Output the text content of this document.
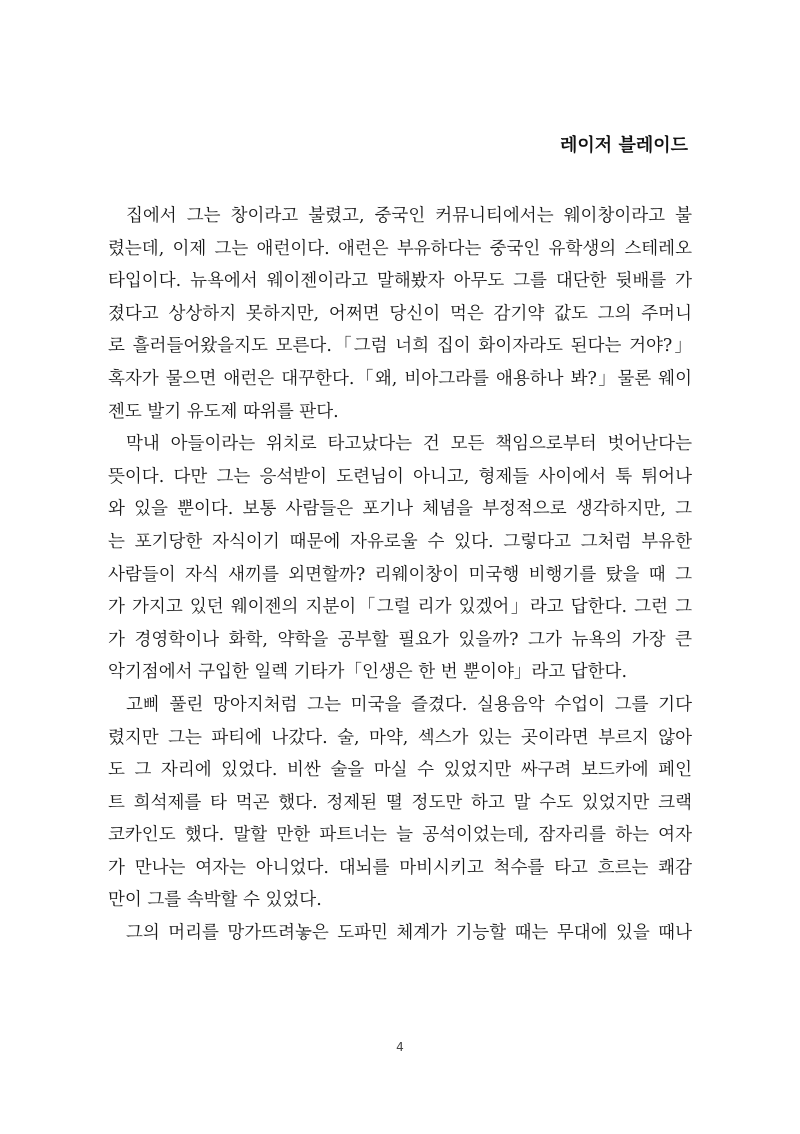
레이저 블레이드
집에서 그는 창이라고 불렸고, 중국인 커뮤니티에서는 웨이창이라고 불
렸는데, 이제 그는 애런이다. 애런은 부유하다는 중국인 유학생의 스테레오
타입이다. 뉴욕에서 웨이젠이라고 말해봤자 아무도 그를 대단한 뒷배를 가
졌다고 상상하지 못하지만, 어쩌면 당신이 먹은 감기약 값도 그의 주머니
로 흘러들어왔을지도 모른다.「그럼 너희 집이 화이자라도 된다는 거야?」
혹자가 물으면 애런은 대꾸한다.「왜, 비아그라를 애용하나 봐?」물론 웨이
젠도 발기 유도제 따위를 판다.
막내 아들이라는 위치로 타고났다는 건 모든 책임으로부터 벗어난다는
뜻이다. 다만 그는 응석받이 도련님이 아니고, 형제들 사이에서 툭 튀어나
와 있을 뿐이다. 보통 사람들은 포기나 체념을 부정적으로 생각하지만, 그
는 포기당한 자식이기 때문에 자유로울 수 있다. 그렇다고 그처럼 부유한
사람들이 자식 새끼를 외면할까? 리웨이창이 미국행 비행기를 탔을 때 그
가 가지고 있던 웨이젠의 지분이「그럴 리가 있겠어」라고 답한다. 그런 그
가 경영학이나 화학, 약학을 공부할 필요가 있을까? 그가 뉴욕의 가장 큰
악기점에서 구입한 일렉 기타가「인생은 한 번 뿐이야」라고 답한다.
고삐 풀린 망아지처럼 그는 미국을 즐겼다. 실용음악 수업이 그를 기다
렸지만 그는 파티에 나갔다. 술, 마약, 섹스가 있는 곳이라면 부르지 않아
도 그 자리에 있었다. 비싼 술을 마실 수 있었지만 싸구려 보드카에 페인
트 희석제를 타 먹곤 했다. 정제된 뗠 정도만 하고 말 수도 있었지만 크랙
코카인도 했다. 말할 만한 파트너는 늘 공석이었는데, 잠자리를 하는 여자
가 만나는 여자는 아니었다. 대뇌를 마비시키고 척수를 타고 흐르는 쾌감
만이 그를 속박할 수 있었다.
그의 머리를 망가뜨려놓은 도파민 체계가 기능할 때는 무대에 있을 때나
4
